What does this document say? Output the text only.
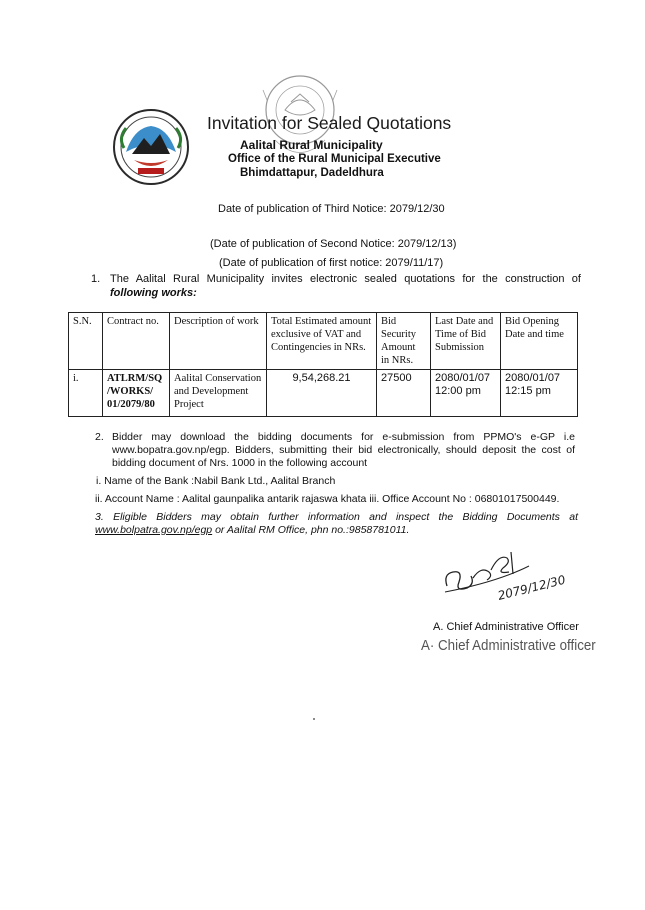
Invitation for Sealed Quotations
Aalital Rural Municipality
Office of the Rural Municipal Executive
Bhimdattapur, Dadeldhura
Date of publication of Third Notice: 2079/12/30
(Date of publication of Second Notice: 2079/12/13)
(Date of publication of first notice: 2079/11/17)
1. The Aalital Rural Municipality invites electronic sealed quotations for the construction of following works:
S.N.	Contract no.	Description of work	Total Estimated amount exclusive of VAT and Contingencies in NRs.	Bid Security Amount in NRs.	Last Date and Time of Bid Submission	Bid Opening Date and time
i.	ATLRM/SQ /WORKS/ 01/2079/80	Aalital Conservation and Development Project	9,54,268.21	27500	2080/01/07 12:00 pm	2080/01/07 12:15 pm
2. Bidder may download the bidding documents for e-submission from PPMO's e-GP i.e www.bopatra.gov.np/egp. Bidders, submitting their bid electronically, should deposit the cost of bidding document of Nrs. 1000 in the following account
i. Name of the Bank :Nabil Bank Ltd., Aalital Branch
ii. Account Name : Aalital gaunpalika antarik rajaswa khata iii. Office Account No : 06801017500449.
3. Eligible Bidders may obtain further information and inspect the Bidding Documents at www.bolpatra.gov.np/egp or Aalital RM Office, phn no.:9858781011.
2079/12/30
A. Chief Administrative Officer
A· Chief Administrative officer
